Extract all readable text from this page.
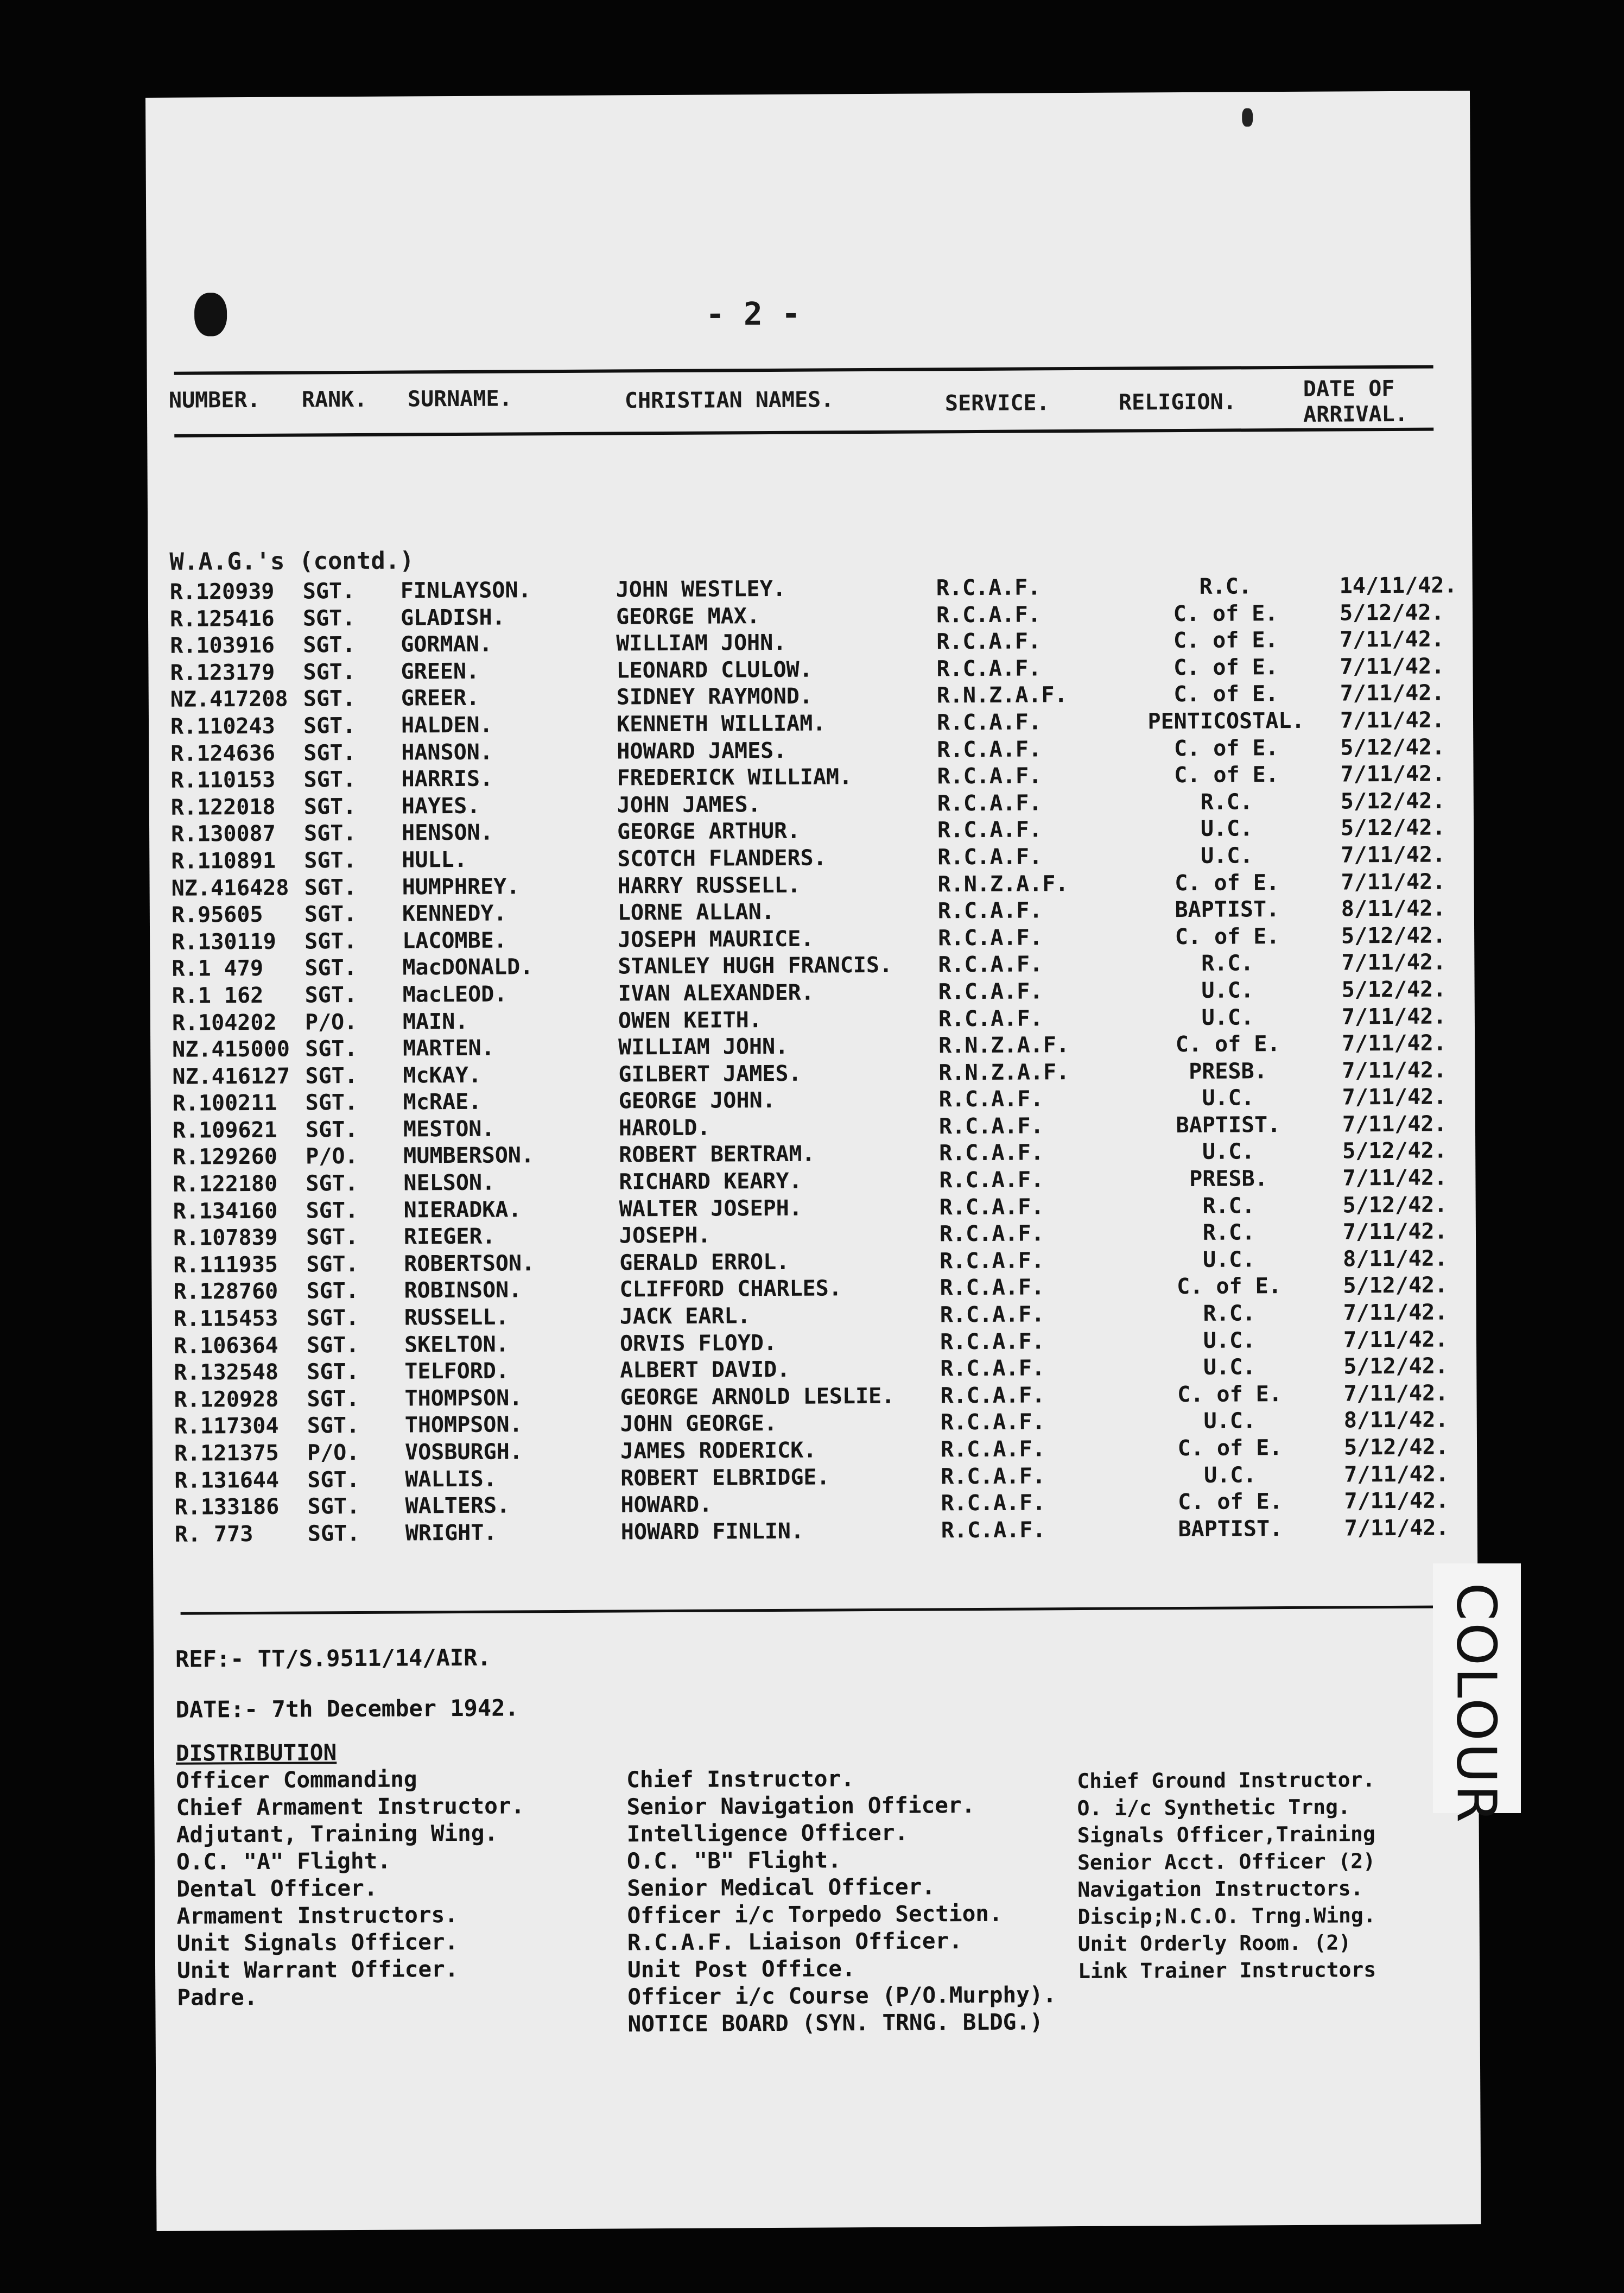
- 2 -
NUMBER. RANK. SURNAME.	CHRISTIAN NAMES.	SERVICE.	RELIGION.
DATE OF
ARRIVAL.
W.A.G.'s (contd.)
R.120939 SGT. FINLAYSON.	JOHN WESTLEY.	R.C.A.F.	R.C.	14/11/42.
R.125416 SGT. GLADISH.	GEORGE MAX.	R.C.A.F.	C. of E.	5/12/42.
R.103916 SGT. GORMAN.	WILLIAM JOHN.	R.C.A.F.	C. of E.	7/11/42.
R.123179 SGT. GREEN.	LEONARD CLULOW.	R.C.A.F.	C. of E.	7/11/42.
NZ.417208 SGT. GREER.	SIDNEY RAYMOND.	R.N.Z.A.F.	C. of E.	7/11/42.
R.110243 SGT. HALDEN.	KENNETH WILLIAM.	R.C.A.F.	PENTICOSTAL.	7/11/42.
R.124636 SGT. HANSON.	HOWARD JAMES.	R.C.A.F.	C. of E.	5/12/42.
R.110153 SGT. HARRIS.	FREDERICK WILLIAM.	R.C.A.F.	C. of E.	7/11/42.
R.122018 SGT. HAYES.	JOHN JAMES.	R.C.A.F.	R.C.	5/12/42.
R.130087 SGT. HENSON.	GEORGE ARTHUR.	R.C.A.F.	U.C.	5/12/42.
R.110891 SGT. HULL.	SCOTCH FLANDERS.	R.C.A.F.	U.C.	7/11/42.
NZ.416428 SGT. HUMPHREY.	HARRY RUSSELL.	R.N.Z.A.F.	C. of E.	7/11/42.
R.95605 SGT. KENNEDY.	LORNE ALLAN.	R.C.A.F.	BAPTIST.	8/11/42.
R.130119 SGT. LACOMBE.	JOSEPH MAURICE.	R.C.A.F.	C. of E.	5/12/42.
R.1 479 SGT. MacDONALD.	STANLEY HUGH FRANCIS. R.C.A.F.	R.C.	7/11/42.
R.1 162 SGT. MacLEOD.	IVAN ALEXANDER.	R.C.A.F.	U.C.	5/12/42.
R.104202 P/O. MAIN.	OWEN KEITH.	R.C.A.F.	U.C.	7/11/42.
NZ.415000 SGT. MARTEN.	WILLIAM JOHN.	R.N.Z.A.F.	C. of E.	7/11/42.
NZ.416127 SGT. McKAY.	GILBERT JAMES.	R.N.Z.A.F.	PRESB.	7/11/42.
R.100211 SGT. McRAE.	GEORGE JOHN.	R.C.A.F.	U.C.	7/11/42.
R.109621 SGT. MESTON.	HAROLD.	R.C.A.F.	BAPTIST.	7/11/42.
R.129260 P/O. MUMBERSON.	ROBERT BERTRAM.	R.C.A.F.	U.C.	5/12/42.
R.122180 SGT. NELSON.	RICHARD KEARY.	R.C.A.F.	PRESB.	7/11/42.
R.134160 SGT. NIERADKA.	WALTER JOSEPH.	R.C.A.F.	R.C.	5/12/42.
R.107839 SGT. RIEGER.	JOSEPH.	R.C.A.F.	R.C.	7/11/42.
R.111935 SGT. ROBERTSON.	GERALD ERROL.	R.C.A.F.	U.C.	8/11/42.
R.128760 SGT. ROBINSON.	CLIFFORD CHARLES.	R.C.A.F.	C. of E.	5/12/42.
R.115453 SGT. RUSSELL.	JACK EARL.	R.C.A.F.	R.C.	7/11/42.
R.106364 SGT. SKELTON.	ORVIS FLOYD.	R.C.A.F.	U.C.	7/11/42.
R.132548 SGT. TELFORD.	ALBERT DAVID.	R.C.A.F.	U.C.	5/12/42.
R.120928 SGT. THOMPSON.	GEORGE ARNOLD LESLIE. R.C.A.F.	C. of E.	7/11/42.
R.117304 SGT. THOMPSON.	JOHN GEORGE.	R.C.A.F.	U.C.	8/11/42.
R.121375 P/O. VOSBURGH.	JAMES RODERICK.	R.C.A.F.	C. of E.	5/12/42.
R.131644 SGT. WALLIS.	ROBERT ELBRIDGE.	R.C.A.F.	U.C.	7/11/42.
R.133186 SGT. WALTERS.	HOWARD.	R.C.A.F.	C. of E.	7/11/42.
R. 773	SGT. WRIGHT.	HOWARD FINLIN.	R.C.A.F.	BAPTIST.	7/11/42.
REF:- TT/S.9511/14/AIR.
DATE:- 7th December 1942.
DISTRIBUTION
Officer Commanding
Chief Armament Instructor.
Adjutant, Training Wing.
O.C. "A" Flight.
Dental Officer.
Armament Instructors.
Unit Signals Officer.
Unit Warrant Officer.
Padre.
Chief Instructor.
Senior Navigation Officer.
Intelligence Officer.
O.C. "B" Flight.
Senior Medical Officer.
Officer i/c Torpedo Section.
R.C.A.F. Liaison Officer.
Unit Post Office.
Officer i/c Course (P/O.Murphy).
NOTICE BOARD (SYN. TRNG. BLDG.)
Chief Ground Instructor.
O. i/c Synthetic Trng.
Signals Officer,Training
Senior Acct. Officer (2)
Navigation Instructors.
Discip;N.C.O. Trng.Wing.
Unit Orderly Room. (2)
Link Trainer Instructors
COLOUR
